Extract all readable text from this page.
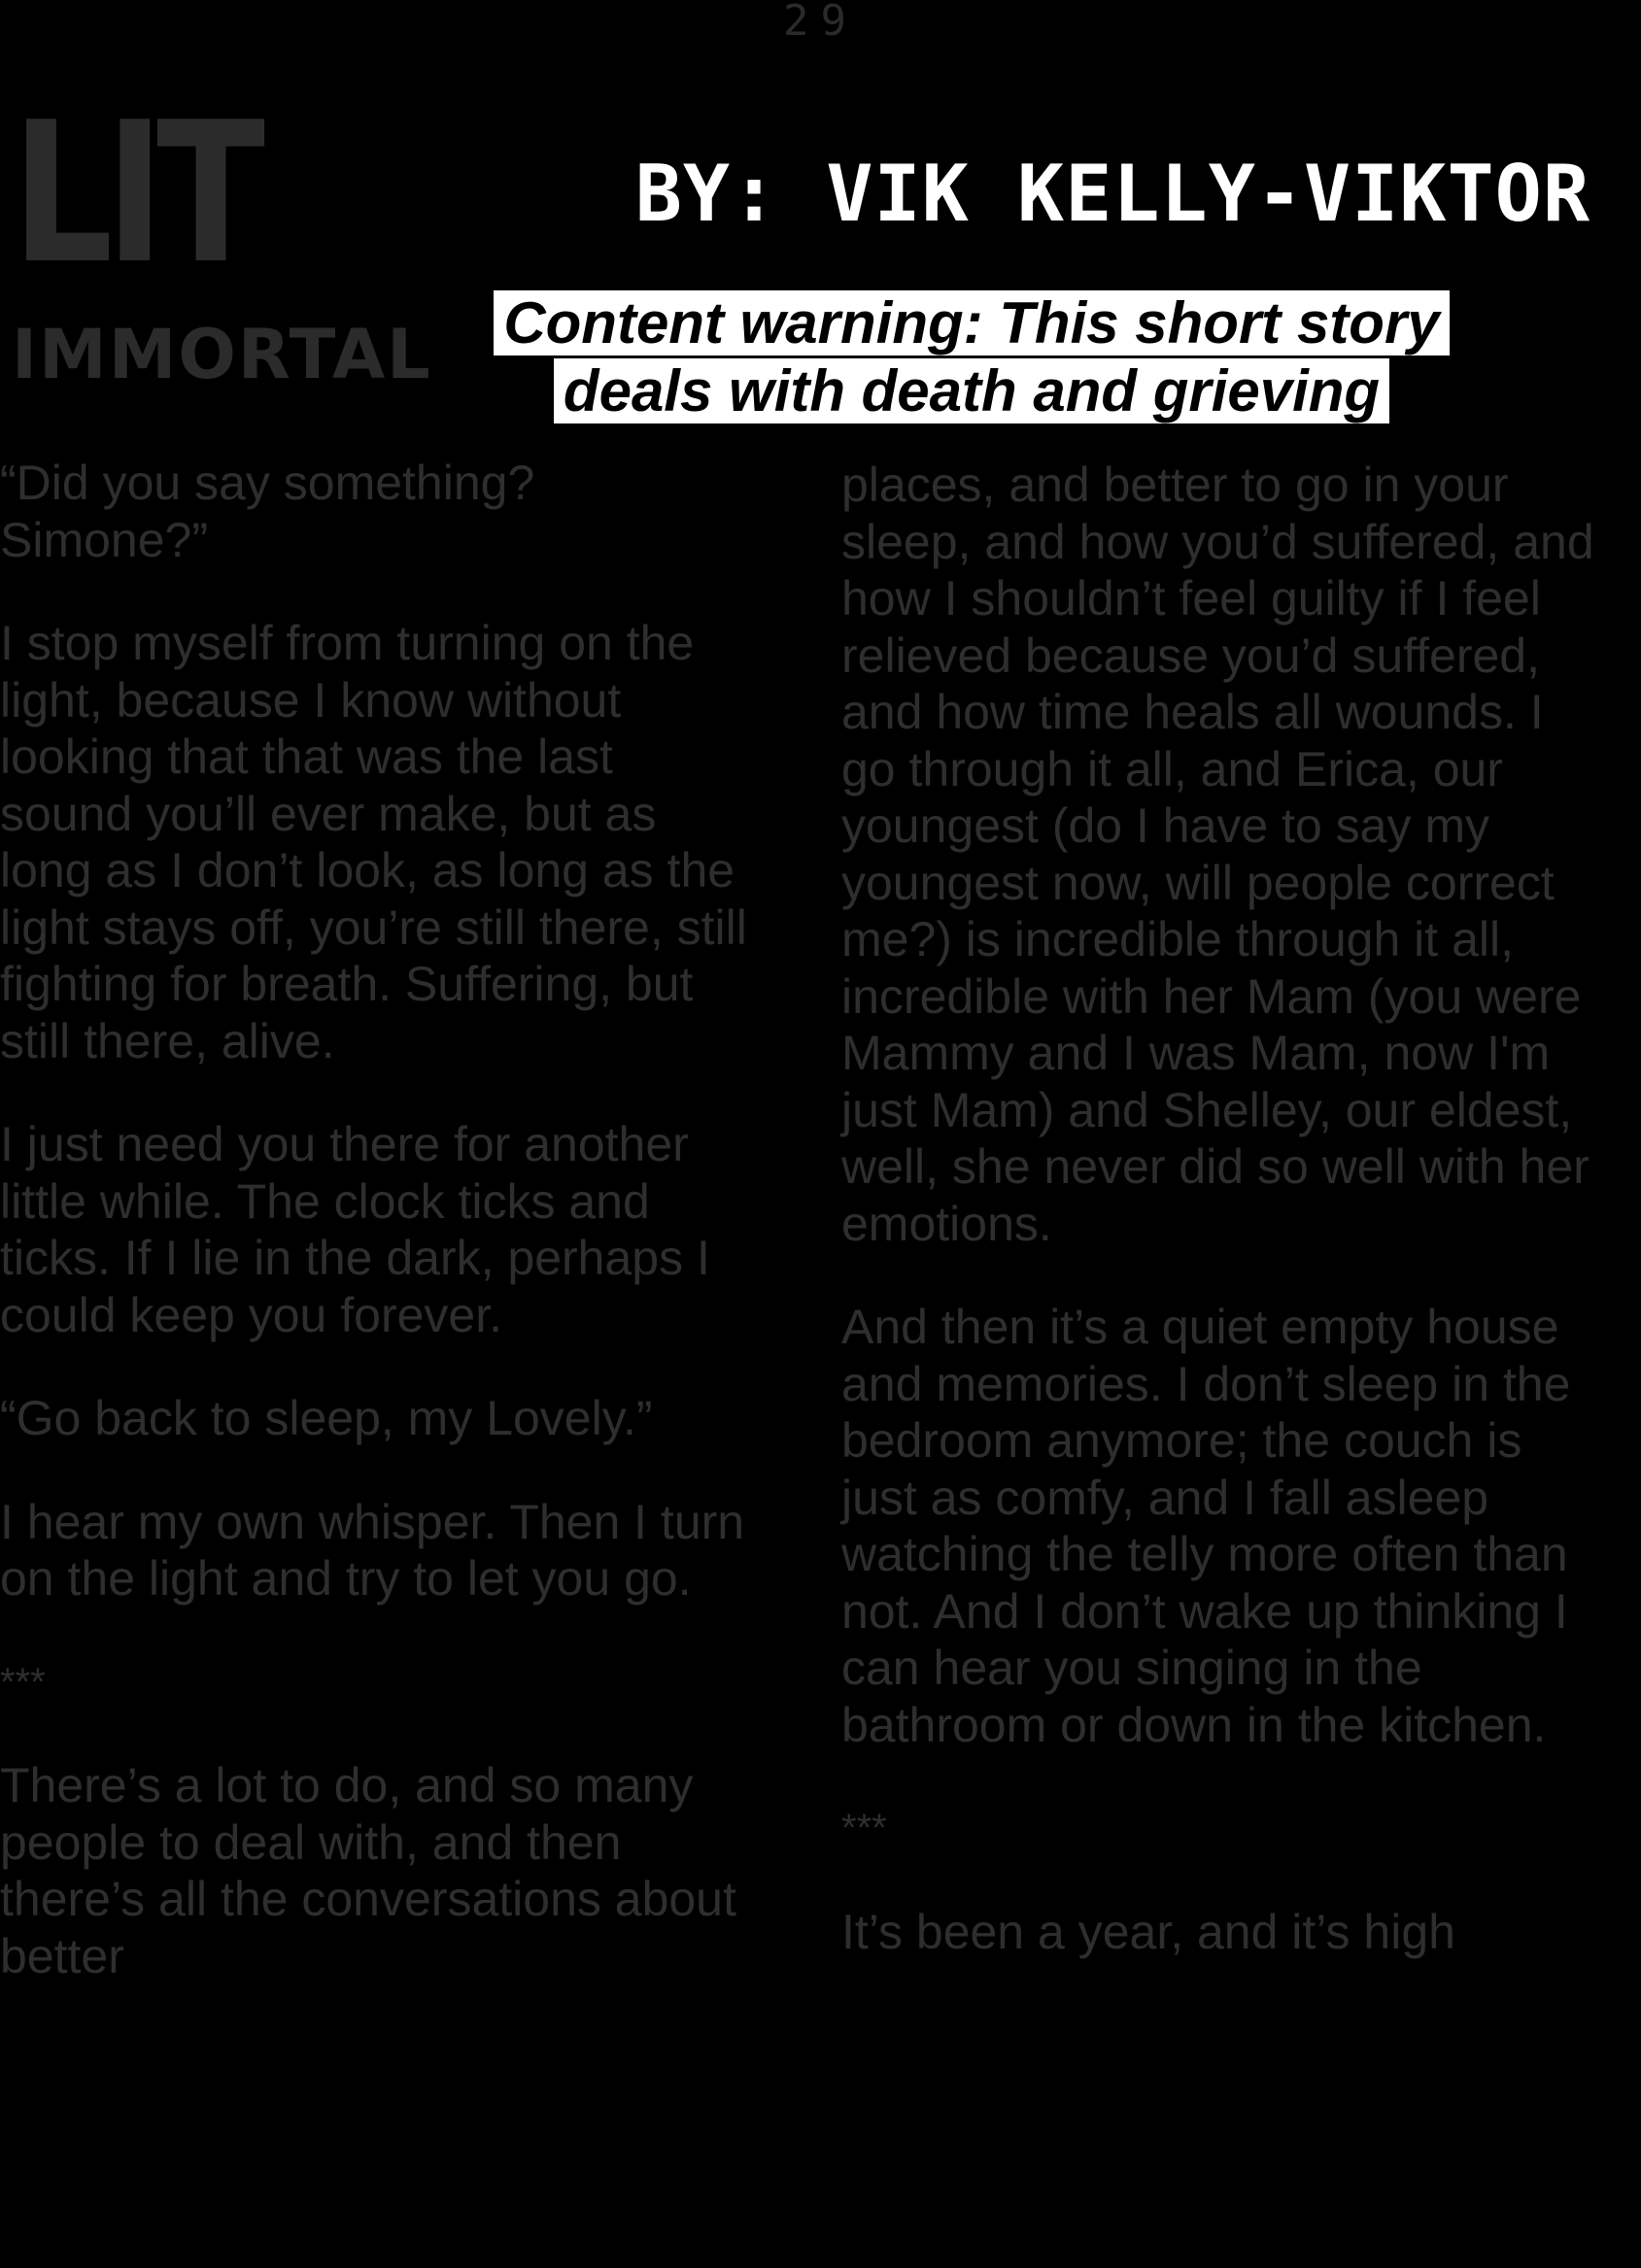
29
LIT
IMMORTAL
BY: VIK KELLY-VIKTOR
Content warning: This short story
deals with death and grieving

“Did you say something? Simone?”

I stop myself from turning on the light, because I know without looking that that was the last sound you’ll ever make, but as long as I don’t look, as long as the light stays off, you’re still there, still fighting for breath. Suffering, but still there, alive.

I just need you there for another little while. The clock ticks and ticks. If I lie in the dark, perhaps I could keep you forever.

“Go back to sleep, my Lovely.”

I hear my own whisper. Then I turn on the light and try to let you go.

***

There’s a lot to do, and so many people to deal with, and then there’s all the conversations about better

places, and better to go in your sleep, and how you’d suffered, and how I shouldn’t feel guilty if I feel relieved because you’d suffered, and how time heals all wounds. I go through it all, and Erica, our youngest (do I have to say my youngest now, will people correct me?) is incredible through it all, incredible with her Mam (you were Mammy and I was Mam, now I'm just Mam) and Shelley, our eldest, well, she never did so well with her emotions.

And then it’s a quiet empty house and memories. I don’t sleep in the bedroom anymore; the couch is just as comfy, and I fall asleep watching the telly more often than not. And I don’t wake up thinking I can hear you singing in the bathroom or down in the kitchen.

***

It’s been a year, and it’s high
